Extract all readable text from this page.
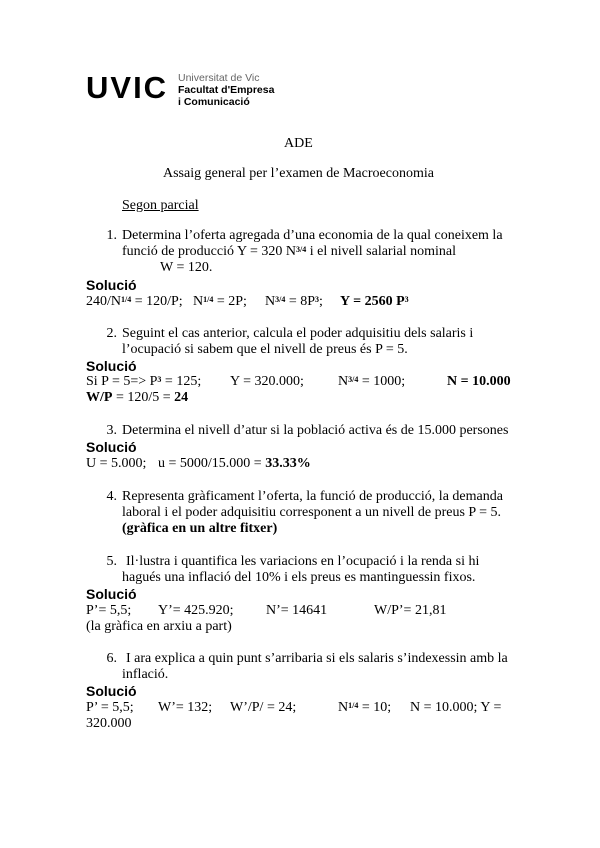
UVIC Universitat de Vic
Facultat d'Empresa
i Comunicació
ADE
Assaig general per l’examen de Macroeconomia
Segon parcial
1. Determina l’oferta agregada d’una economia de la qual coneixem la
funció de producció Y = 320 $N^{3/4}$ i el nivell salarial nominal
W = 120.
Solució
$240/N^{1/4} = 120/P$; $N^{1/4} = 2P$; $N^{3/4} = 8P^3$; Y = 2560 $P^3$
2. Seguint el cas anterior, calcula el poder adquisitiu dels salaris i
l’ocupació si sabem que el nivell de preus és P = 5.
Solució
Si $P = 5=> P^3 = 125$; Y = 320.000; $N^{3/4} = 1000$;	N = 10.000
W/P = 120/5 = 24
3. Determina el nivell d’atur si la població activa és de 15.000 persones
Solució
U = 5.000; u = 5000/15.000 = 33.33%
4. Representa gràficament l’oferta, la funció de producció, la demanda
laboral i el poder adquisitiu corresponent a un nivell de preus P = 5.
(gràfica en un altre fitxer)
5. Il·lustra i quantifica les variacions en l’ocupació i la renda si hi
hagués una inflació del 10% i els preus es mantinguessin fixos.
Solució
P’= 5,5; Y’= 425.920; N’= 14641	W/P’= 21,81
(la gràfica en arxiu a part)
6. I ara explica a quin punt s’arribaria si els salaris s’indexessin amb la
inflació.
Solució
P’ = 5,5; W’= 132; W’/P/ = 24;	$N^{1/4} = 10$; N = 10.000; Y =
320.000
